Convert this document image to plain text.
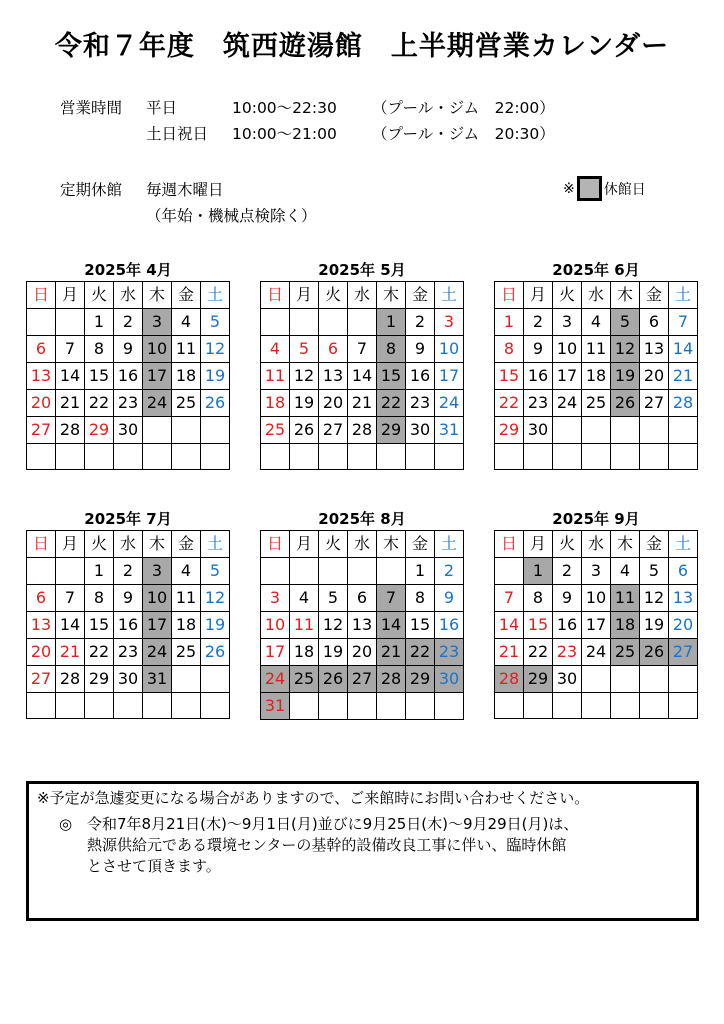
令和７年度　筑西遊湯館　上半期営業カレンダー
営業時間	平日	10:00〜22:30	（プール・ジム　22:00）
土日祝日	10:00〜21:00	（プール・ジム　20:30）
定期休館	毎週木曜日
（年始・機械点検除く）
※ 休館日
2025年 4月
日	月	火	水	木	金	土
		1	2	3	4	5
6	7	8	9	10	11	12
13	14	15	16	17	18	19
20	21	22	23	24	25	26
27	28	29	30			

2025年 5月
日	月	火	水	木	金	土
				1	2	3
4	5	6	7	8	9	10
11	12	13	14	15	16	17
18	19	20	21	22	23	24
25	26	27	28	29	30	31

2025年 6月
日	月	火	水	木	金	土
1	2	3	4	5	6	7
8	9	10	11	12	13	14
15	16	17	18	19	20	21
22	23	24	25	26	27	28
29	30					

2025年 7月
日	月	火	水	木	金	土
		1	2	3	4	5
6	7	8	9	10	11	12
13	14	15	16	17	18	19
20	21	22	23	24	25	26
27	28	29	30	31		

2025年 8月
日	月	火	水	木	金	土
					1	2
3	4	5	6	7	8	9
10	11	12	13	14	15	16
17	18	19	20	21	22	23
24	25	26	27	28	29	30
31						
2025年 9月
日	月	火	水	木	金	土
	1	2	3	4	5	6
7	8	9	10	11	12	13
14	15	16	17	18	19	20
21	22	23	24	25	26	27
28	29	30				

※予定が急遽変更になる場合がありますので、ご来館時にお問い合わせください。
◎ 令和7年8月21日(木)〜9月1日(月)並びに9月25日(木)〜9月29日(月)は、
熱源供給元である環境センターの基幹的設備改良工事に伴い、臨時休館
とさせて頂きます。
